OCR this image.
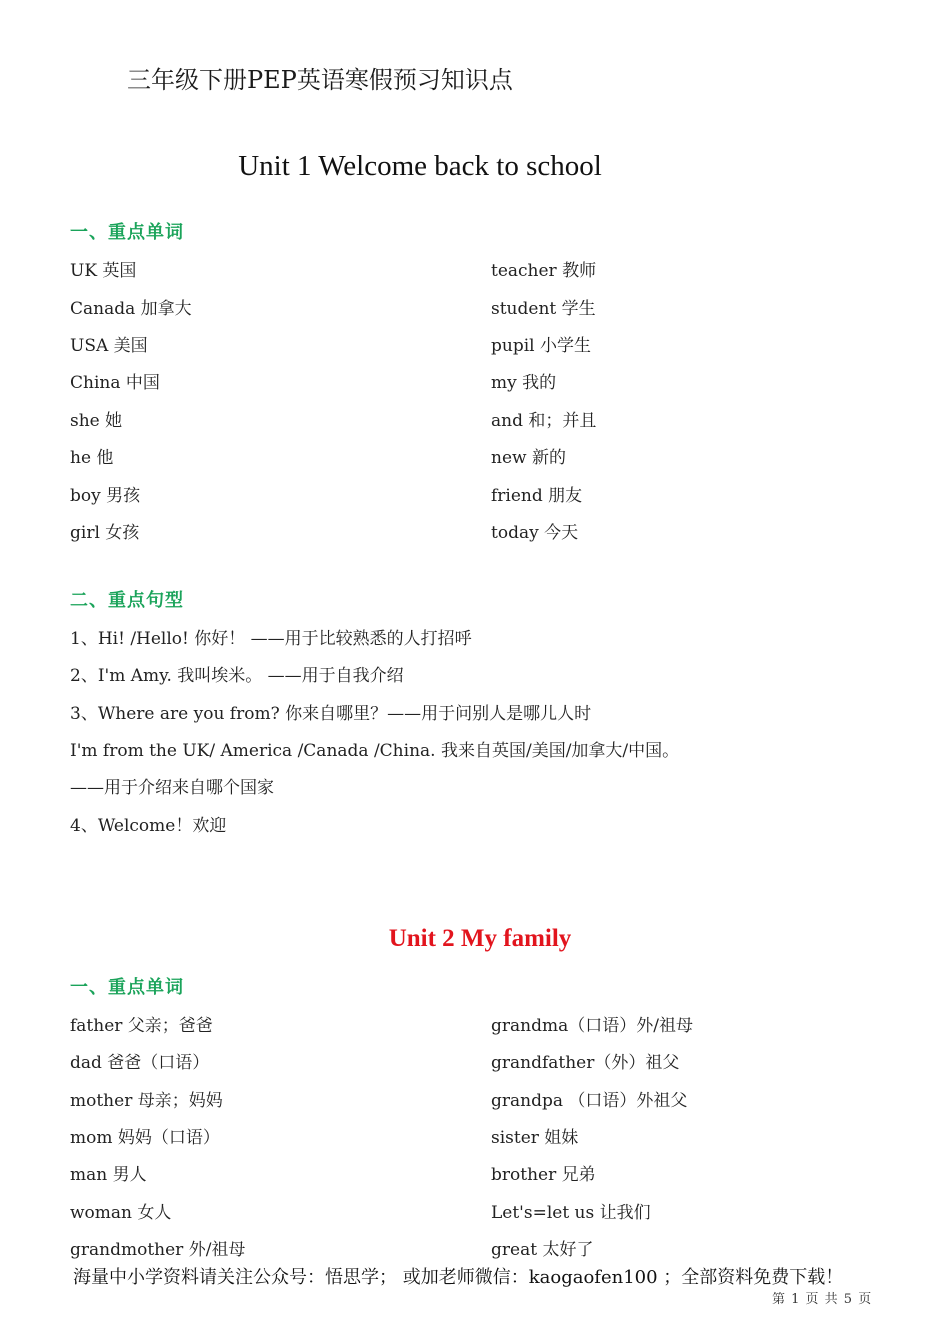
三年级下册PEP英语寒假预习知识点
Unit 1 Welcome back to school
一、重点单词
UK 英国
Canada 加拿大
USA 美国
China 中国
she 她
he 他
boy 男孩
girl 女孩
teacher 教师
student 学生
pupil 小学生
my 我的
and 和；并且
new 新的
friend 朋友
today 今天
二、重点句型
1、Hi! /Hello! 你好！ ——用于比较熟悉的人打招呼
2、I'm Amy. 我叫埃米。 ——用于自我介绍
3、Where are you from? 你来自哪里？——用于问别人是哪儿人时
I'm from the UK/ America /Canada /China. 我来自英国/美国/加拿大/中国。
——用于介绍来自哪个国家
4、Welcome！欢迎
Unit 2 My family
一、重点单词
father 父亲；爸爸
dad 爸爸（口语）
mother 母亲；妈妈
mom 妈妈（口语）
man 男人
woman 女人
grandmother 外/祖母
grandma（口语）外/祖母
grandfather（外）祖父
grandpa （口语）外祖父
sister 姐妹
brother 兄弟
Let's=let us 让我们
great 太好了
海量中小学资料请关注公众号：悟思学； 或加老师微信：kaogaofen100 ；全部资料免费下载！
第 1 页 共 5 页
